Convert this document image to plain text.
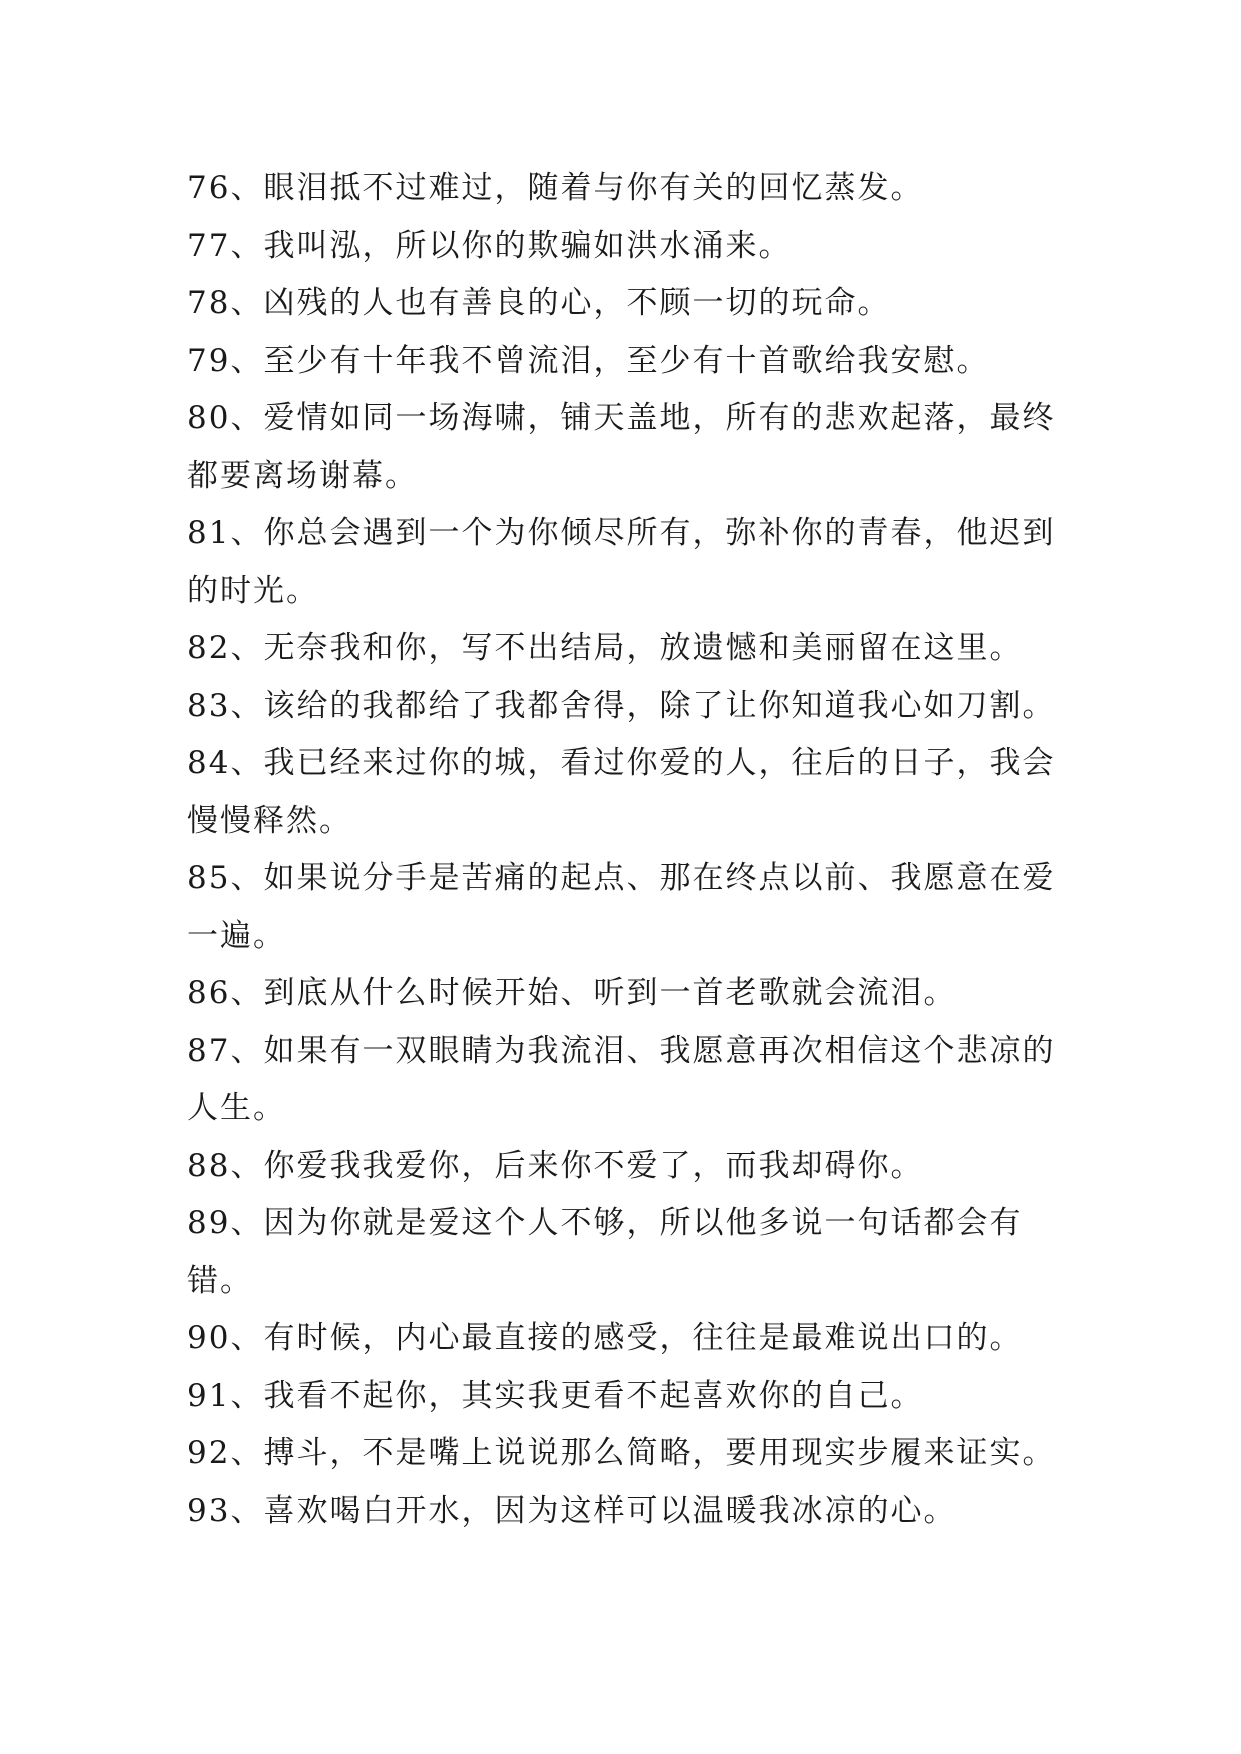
76、眼泪抵不过难过，随着与你有关的回忆蒸发。

77、我叫泓，所以你的欺骗如洪水涌来。

78、凶残的人也有善良的心，不顾一切的玩命。

79、至少有十年我不曾流泪，至少有十首歌给我安慰。

80、爱情如同一场海啸，铺天盖地，所有的悲欢起落，最终都要离场谢幕。

81、你总会遇到一个为你倾尽所有，弥补你的青春，他迟到的时光。

82、无奈我和你，写不出结局，放遗憾和美丽留在这里。

83、该给的我都给了我都舍得，除了让你知道我心如刀割。

84、我已经来过你的城，看过你爱的人，往后的日子，我会慢慢释然。

85、如果说分手是苦痛的起点、那在终点以前、我愿意在爱一遍。

86、到底从什么时候开始、听到一首老歌就会流泪。

87、如果有一双眼睛为我流泪、我愿意再次相信这个悲凉的人生。

88、你爱我我爱你，后来你不爱了，而我却碍你。

89、因为你就是爱这个人不够，所以他多说一句话都会有错。

90、有时候，内心最直接的感受，往往是最难说出口的。

91、我看不起你，其实我更看不起喜欢你的自己。

92、搏斗，不是嘴上说说那么简略，要用现实步履来证实。

93、喜欢喝白开水，因为这样可以温暖我冰凉的心。
